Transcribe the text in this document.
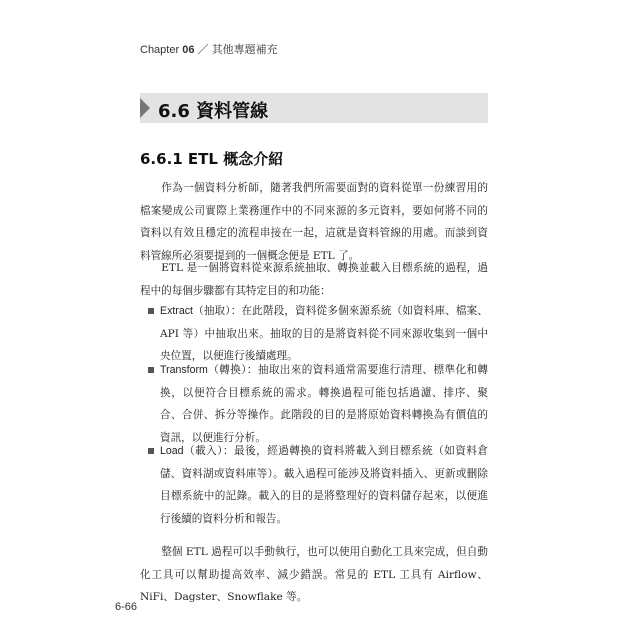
Chapter 06 ／ 其他專題補充
6.6 資料管線
6.6.1 ETL 概念介紹
作為一個資料分析師，隨著我們所需要面對的資料從單一份練習用的檔案變成公司實際上業務運作中的不同來源的多元資料，要如何將不同的資料以有效且穩定的流程串接在一起，這就是資料管線的用處。而談到資料管線所必須要提到的一個概念便是 ETL 了。
ETL 是一個將資料從來源系統抽取、轉換並載入目標系統的過程，過程中的每個步驟都有其特定目的和功能：
Extract（抽取）：在此階段，資料從多個來源系統（如資料庫、檔案、API 等）中抽取出來。抽取的目的是將資料從不同來源收集到一個中央位置，以便進行後續處理。
Transform（轉換）：抽取出來的資料通常需要進行清理、標準化和轉換，以便符合目標系統的需求。轉換過程可能包括過濾、排序、聚合、合併、拆分等操作。此階段的目的是將原始資料轉換為有價值的資訊，以便進行分析。
Load（載入）：最後，經過轉換的資料將載入到目標系統（如資料倉儲、資料湖或資料庫等）。載入過程可能涉及將資料插入、更新或刪除目標系統中的記錄。載入的目的是將整理好的資料儲存起來，以便進行後續的資料分析和報告。
整個 ETL 過程可以手動執行，也可以使用自動化工具來完成，但自動化工具可以幫助提高效率、減少錯誤。常見的 ETL 工具有 Airflow、NiFi、Dagster、Snowflake 等。
6-66
